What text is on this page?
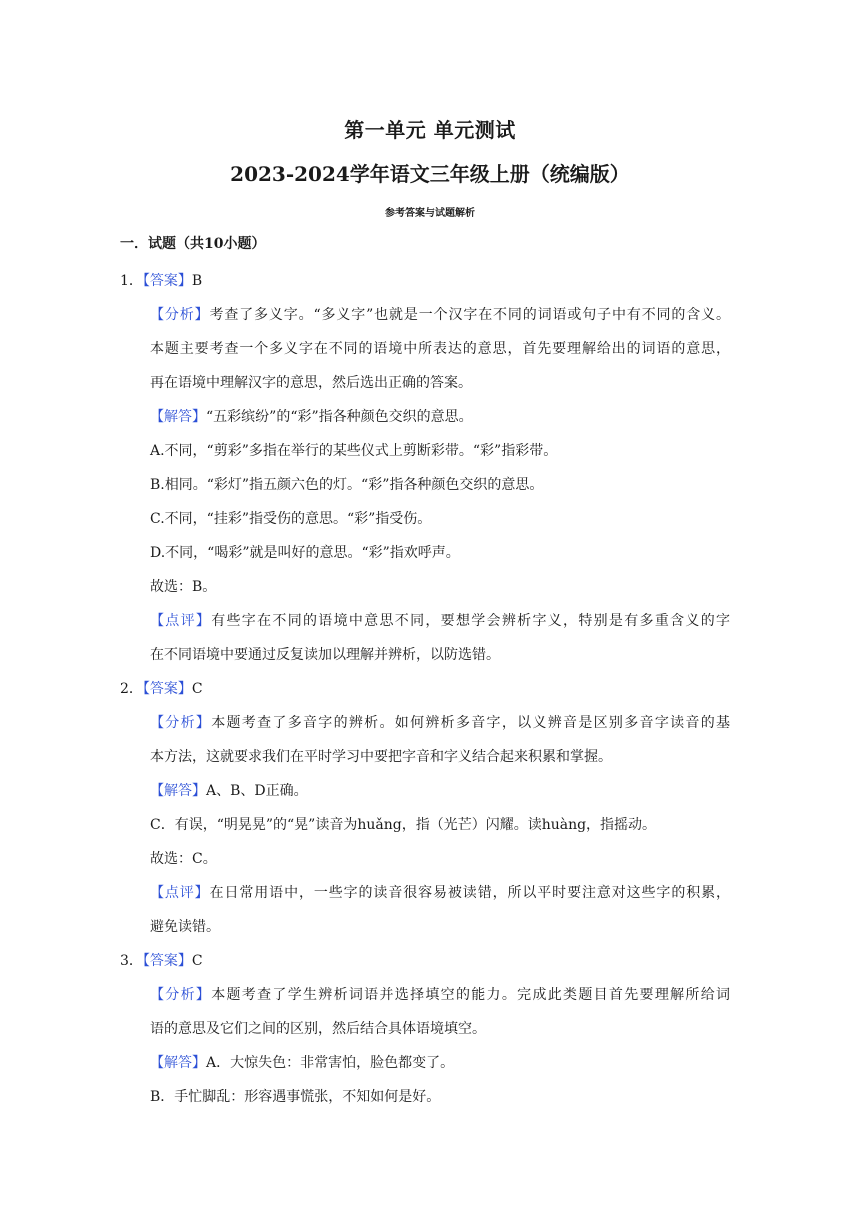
第一单元 单元测试
2023-2024学年语文三年级上册（统编版）
参考答案与试题解析
一．试题（共10小题）
1．【答案】B
【分析】考查了多义字。“多义字”也就是一个汉字在不同的词语或句子中有不同的含义。
本题主要考查一个多义字在不同的语境中所表达的意思，首先要理解给出的词语的意思，
再在语境中理解汉字的意思，然后选出正确的答案。
【解答】“五彩缤纷”的“彩”指各种颜色交织的意思。
A.不同，“剪彩”多指在举行的某些仪式上剪断彩带。“彩”指彩带。
B.相同。“彩灯”指五颜六色的灯。“彩”指各种颜色交织的意思。
C.不同，“挂彩”指受伤的意思。“彩”指受伤。
D.不同，“喝彩”就是叫好的意思。“彩”指欢呼声。
故选：B。
【点评】有些字在不同的语境中意思不同，要想学会辨析字义，特别是有多重含义的字
在不同语境中要通过反复读加以理解并辨析，以防选错。
2．【答案】C
【分析】本题考查了多音字的辨析。如何辨析多音字，以义辨音是区别多音字读音的基
本方法，这就要求我们在平时学习中要把字音和字义结合起来积累和掌握。
【解答】A、B、D正确。
C．有误，“明晃晃”的“晃”读音为huǎng，指（光芒）闪耀。读huàng，指摇动。
故选：C。
【点评】在日常用语中，一些字的读音很容易被读错，所以平时要注意对这些字的积累，
避免读错。
3．【答案】C
【分析】本题考查了学生辨析词语并选择填空的能力。完成此类题目首先要理解所给词
语的意思及它们之间的区别，然后结合具体语境填空。
【解答】A．大惊失色：非常害怕，脸色都变了。
B．手忙脚乱：形容遇事慌张，不知如何是好。
